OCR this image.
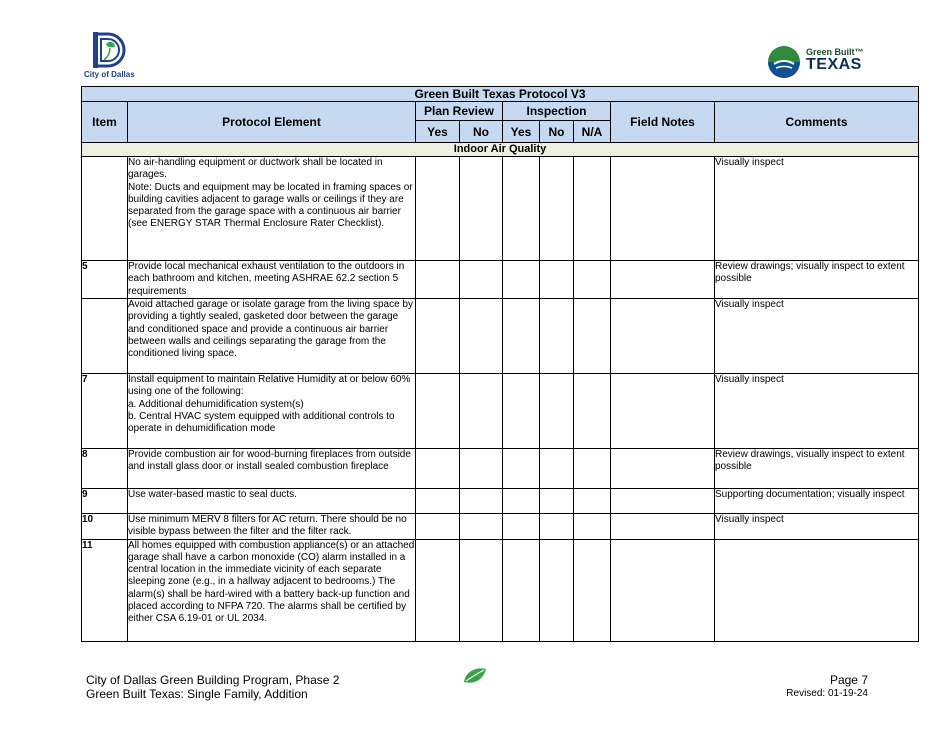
City of Dallas
Green Built™
TEXAS
Green Built Texas Protocol V3								
Item	Protocol Element	Plan Review		Inspection			Field Notes	Comments
		Yes	No	Yes	No	N/A		
Indoor Air Quality								
	No air-handling equipment or ductwork shall be located in garages.
Note: Ducts and equipment may be located in framing spaces or building cavities adjacent to garage walls or ceilings if they are separated from the garage space with a continuous air barrier (see ENERGY STAR Thermal Enclosure Rater Checklist).							Visually inspect
5	Provide local mechanical exhaust ventilation to the outdoors in each bathroom and kitchen, meeting ASHRAE 62.2 section 5 requirements							Review drawings; visually inspect to extent possible
	Avoid attached garage or isolate garage from the living space by providing a tightly sealed, gasketed door between the garage and conditioned space and provide a continuous air barrier between walls and ceilings separating the garage from the conditioned living space.							Visually inspect
7	Install equipment to maintain Relative Humidity at or below 60% using one of the following:
a. Additional dehumidification system(s)
b. Central HVAC system equipped with additional controls to operate in dehumidification mode							Visually inspect
8	Provide combustion air for wood-burning fireplaces from outside and install glass door or install sealed combustion fireplace							Review drawings, visually inspect to extent possible
9	Use water-based mastic to seal ducts.							Supporting documentation; visually inspect
10	Use minimum MERV 8 filters for AC return. There should be no visible bypass between the filter and the filter rack.							Visually inspect
11	All homes equipped with combustion appliance(s) or an attached garage shall have a carbon monoxide (CO) alarm installed in a central location in the immediate vicinity of each separate sleeping zone (e.g., in a hallway adjacent to bedrooms.) The alarm(s) shall be hard-wired with a battery back-up function and placed according to NFPA 720. The alarms shall be certified by either CSA 6.19-01 or UL 2034.							
City of Dallas Green Building Program, Phase 2
Green Built Texas: Single Family, Addition
Page 7
Revised: 01-19-24
